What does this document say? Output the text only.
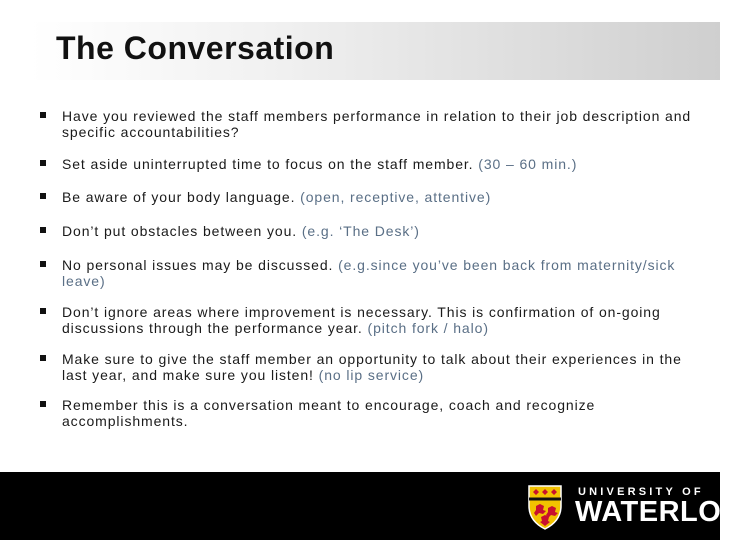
The Conversation
Have you reviewed the staff members performance in relation to their job description and specific accountabilities?
Set aside uninterrupted time to focus on the staff member. (30 – 60 min.)
Be aware of your body language. (open, receptive, attentive)
Don’t put obstacles between you. (e.g. ‘The Desk’)
No personal issues may be discussed. (e.g.since you’ve been back from maternity/sick leave)
Don’t ignore areas where improvement is necessary. This is confirmation of on-going discussions through the performance year. (pitch fork / halo)
Make sure to give the staff member an opportunity to talk about their experiences in the last year, and make sure you listen! (no lip service)
Remember this is a conversation meant to encourage, coach and recognize accomplishments.
UNIVERSITY OF
WATERLOO
